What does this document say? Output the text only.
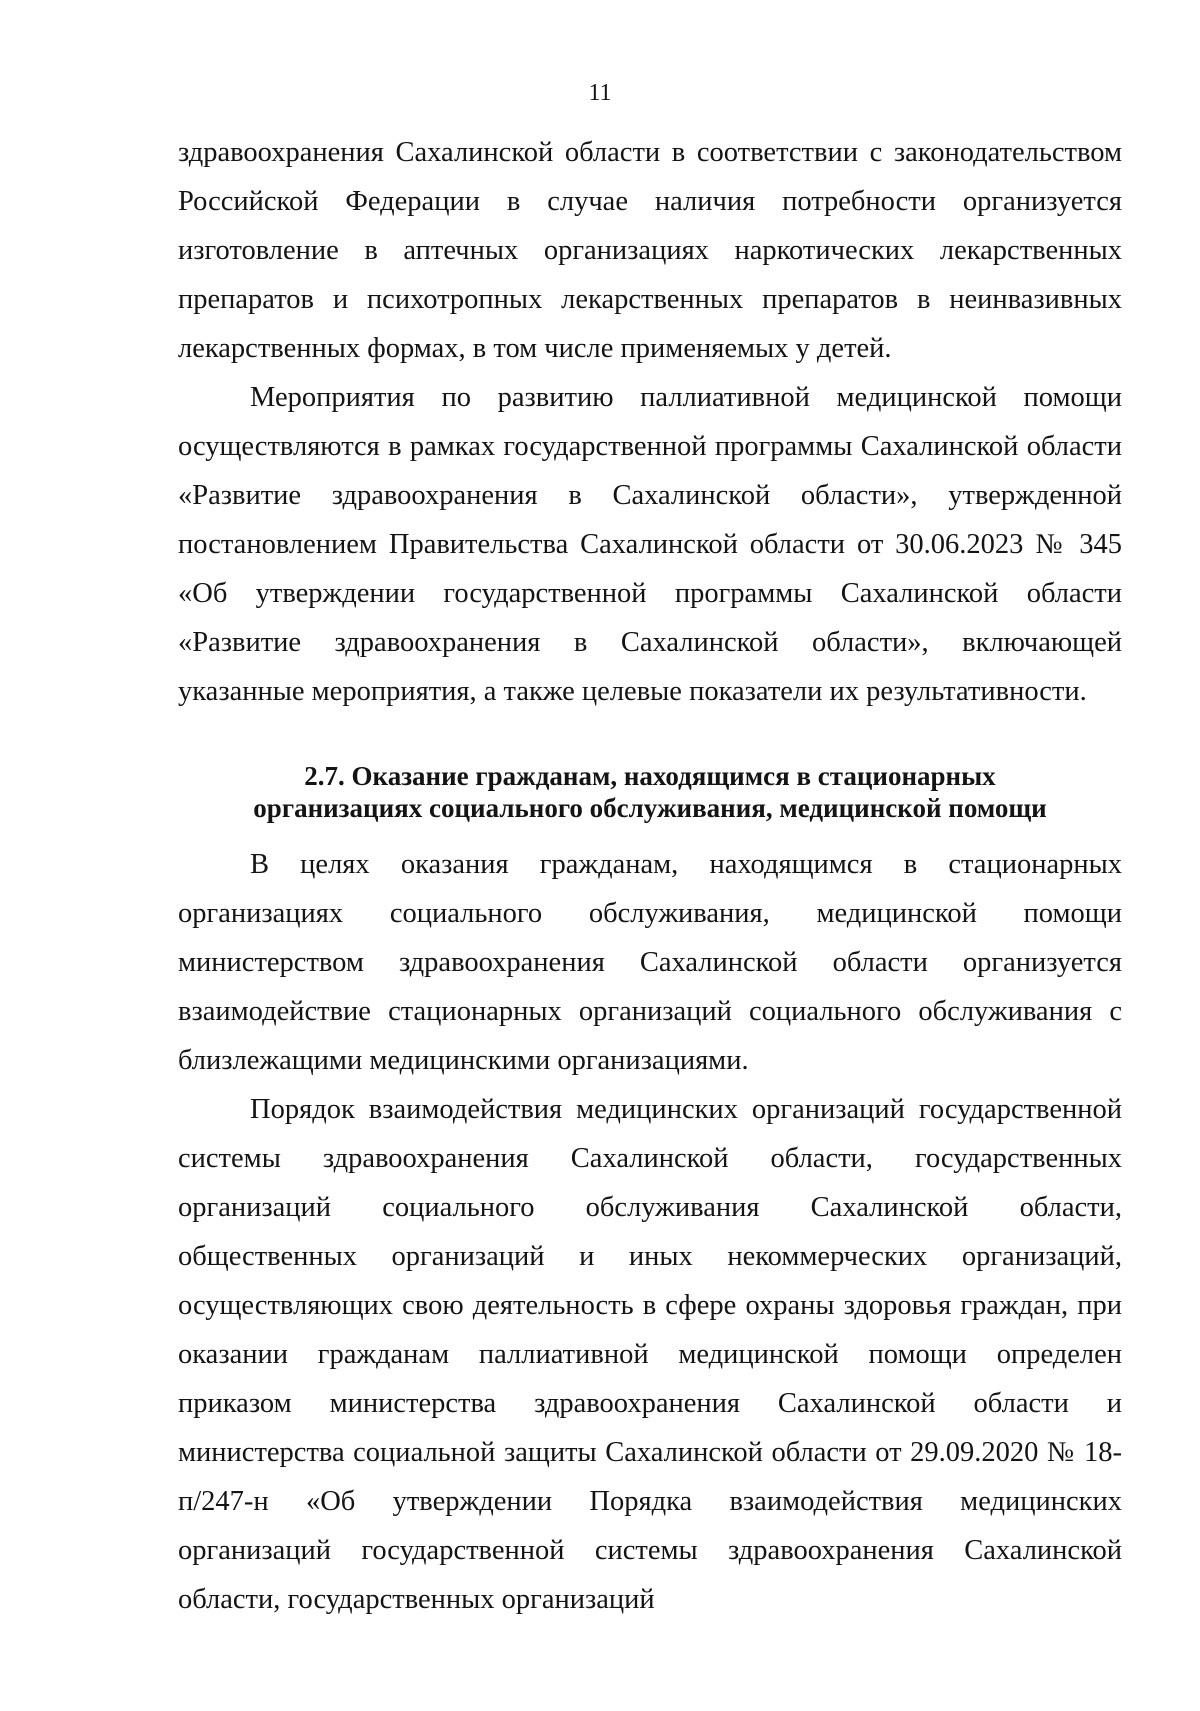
11

здравоохранения Сахалинской области в соответствии с законодательством Российской Федерации в случае наличия потребности организуется изготовление в аптечных организациях наркотических лекарственных препаратов и психотропных лекарственных препаратов в неинвазивных лекарственных формах, в том числе применяемых у детей.

Мероприятия по развитию паллиативной медицинской помощи осуществляются в рамках государственной программы Сахалинской области «Развитие здравоохранения в Сахалинской области», утвержденной постановлением Правительства Сахалинской области от 30.06.2023 № 345 «Об утверждении государственной программы Сахалинской области «Развитие здравоохранения в Сахалинской области», включающей указанные мероприятия, а также целевые показатели их результативности.

2.7. Оказание гражданам, находящимся в стационарных
организациях социального обслуживания, медицинской помощи

В целях оказания гражданам, находящимся в стационарных организациях социального обслуживания, медицинской помощи министерством здравоохранения Сахалинской области организуется взаимодействие стационарных организаций социального обслуживания с близлежащими медицинскими организациями.

Порядок взаимодействия медицинских организаций государственной системы здравоохранения Сахалинской области, государственных организаций социального обслуживания Сахалинской области, общественных организаций и иных некоммерческих организаций, осуществляющих свою деятельность в сфере охраны здоровья граждан, при оказании гражданам паллиативной медицинской помощи определен приказом министерства здравоохранения Сахалинской области и министерства социальной защиты Сахалинской области от 29.09.2020 № 18-п/247-н «Об утверждении Порядка взаимодействия медицинских организаций государственной системы здравоохранения Сахалинской области, государственных организаций
